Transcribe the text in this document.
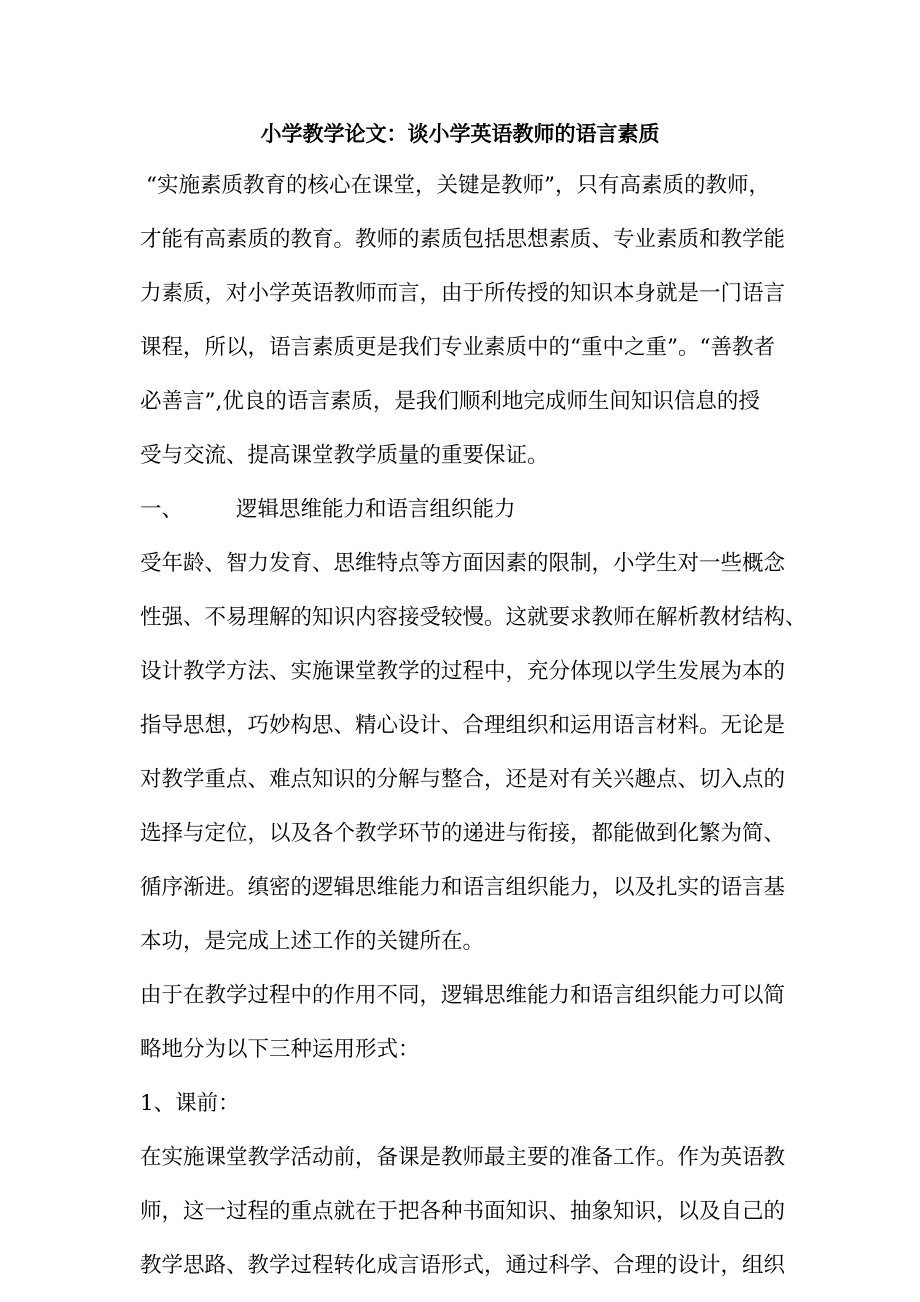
小学教学论文：谈小学英语教师的语言素质
“实施素质教育的核心在课堂，关键是教师”，只有高素质的教师，
才能有高素质的教育。教师的素质包括思想素质、专业素质和教学能
力素质，对小学英语教师而言，由于所传授的知识本身就是一门语言
课程，所以，语言素质更是我们专业素质中的“重中之重”。“善教者
必善言”,优良的语言素质，是我们顺利地完成师生间知识信息的授
受与交流、提高课堂教学质量的重要保证。
一、 逻辑思维能力和语言组织能力
受年龄、智力发育、思维特点等方面因素的限制，小学生对一些概念
性强、不易理解的知识内容接受较慢。这就要求教师在解析教材结构、
设计教学方法、实施课堂教学的过程中，充分体现以学生发展为本的
指导思想，巧妙构思、精心设计、合理组织和运用语言材料。无论是
对教学重点、难点知识的分解与整合，还是对有关兴趣点、切入点的
选择与定位，以及各个教学环节的递进与衔接，都能做到化繁为简、
循序渐进。缜密的逻辑思维能力和语言组织能力，以及扎实的语言基
本功，是完成上述工作的关键所在。
由于在教学过程中的作用不同，逻辑思维能力和语言组织能力可以简
略地分为以下三种运用形式：
1、课前：
在实施课堂教学活动前，备课是教师最主要的准备工作。作为英语教
师，这一过程的重点就在于把各种书面知识、抽象知识，以及自己的
教学思路、教学过程转化成言语形式，通过科学、合理的设计，组织
